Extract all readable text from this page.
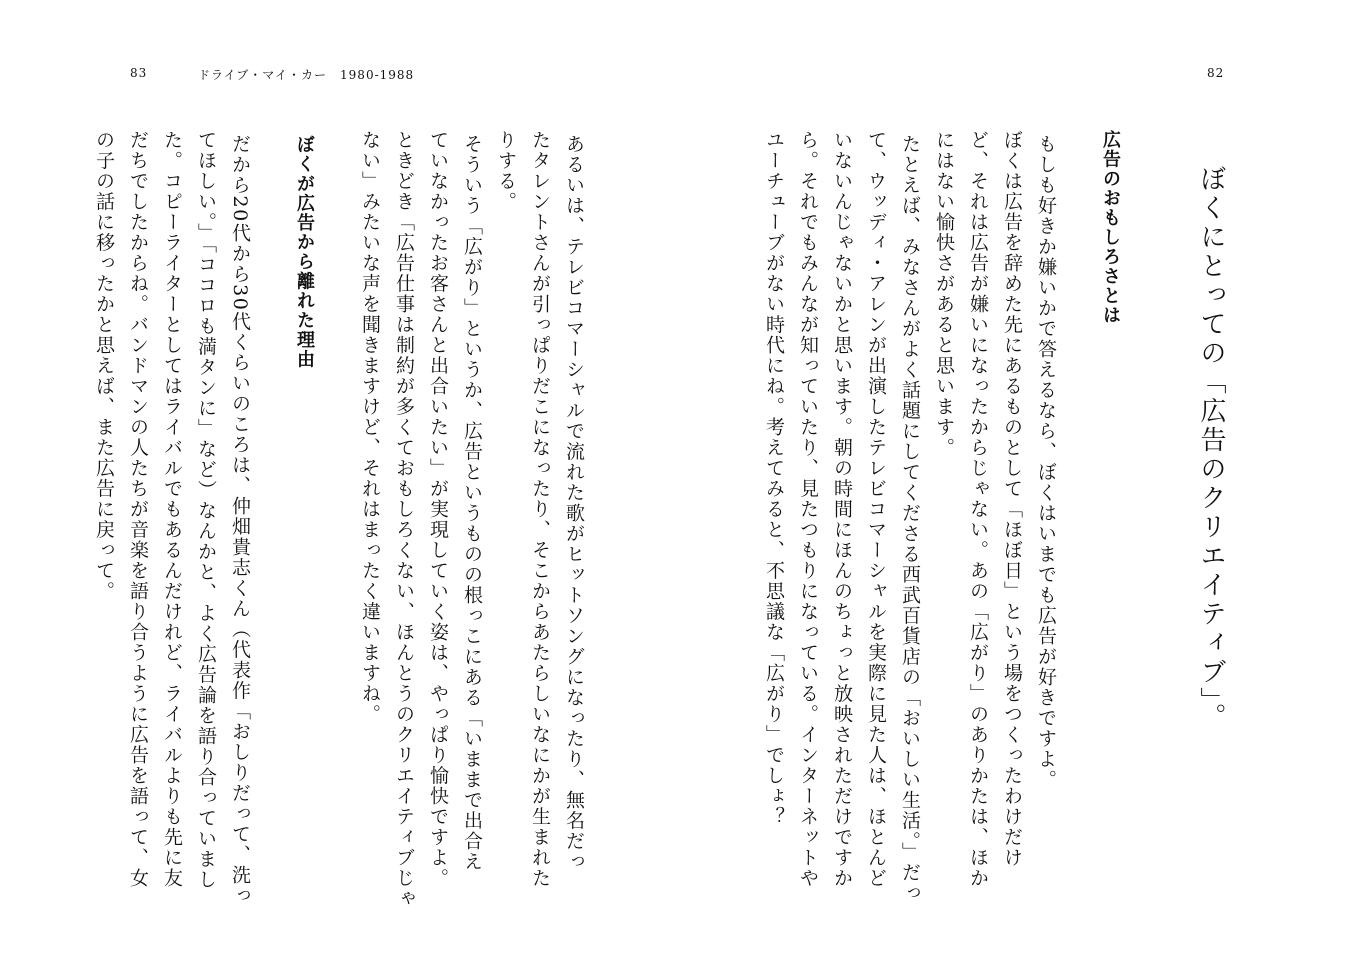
83	ドライブ・マイ・カー　1980-1988	82
ぼくにとっての「広告のクリエイティブ」。
広告のおもしろさとは
もしも好きか嫌いかで答えるなら、ぼくはいまでも広告が好きですよ。
ぼくは広告を辞めた先にあるものとして「ほぼ日」という場をつくったわけだけ
ど、それは広告が嫌いになったからじゃない。あの「広がり」のありかたは、ほか
にはない愉快さがあると思います。
たとえば、みなさんがよく話題にしてくださる西武百貨店の「おいしい生活。」だっ
て、ウッディ・アレンが出演したテレビコマーシャルを実際に見た人は、ほとんど
いないんじゃないかと思います。朝の時間にほんのちょっと放映されただけですか
ら。それでもみんなが知っていたり、見たつもりになっている。インターネットや
ユーチューブがない時代にね。考えてみると、不思議な「広がり」でしょ？
あるいは、テレビコマーシャルで流れた歌がヒットソングになったり、無名だっ
たタレントさんが引っぱりだこになったり、そこからあたらしいなにかが生まれた
りする。
そういう「広がり」というか、広告というものの根っこにある「いままで出合え
ていなかったお客さんと出合いたい」が実現していく姿は、やっぱり愉快ですよ。
ときどき「広告仕事は制約が多くておもしろくない、ほんとうのクリエイティブじゃ
ない」みたいな声を聞きますけど、それはまったく違いますね。
ぼくが広告から離れた理由
だから20代から30代くらいのころは、仲畑貴志くん（代表作「おしりだって、洗っ
てほしい。」「ココロも満タンに」など）なんかと、よく広告論を語り合っていまし
た。コピーライターとしてはライバルでもあるんだけれど、ライバルよりも先に友
だちでしたからね。バンドマンの人たちが音楽を語り合うように広告を語って、女
の子の話に移ったかと思えば、また広告に戻って。
